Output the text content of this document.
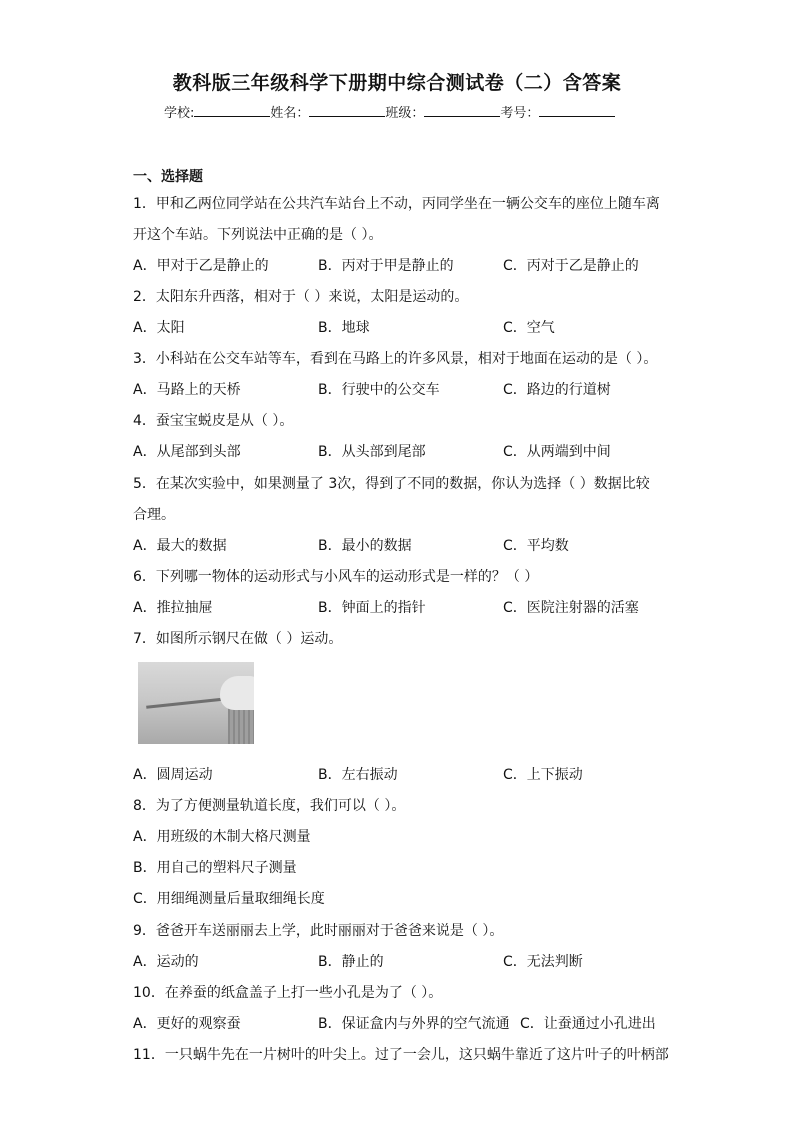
教科版三年级科学下册期中综合测试卷（二）含答案
学校:	姓名：	班级：	考号：
一、选择题
1．甲和乙两位同学站在公共汽车站台上不动，丙同学坐在一辆公交车的座位上随车离
开这个车站。下列说法中正确的是（ ）。
A．甲对于乙是静止的	B．丙对于甲是静止的	C．丙对于乙是静止的
2．太阳东升西落，相对于（ ）来说，太阳是运动的。
A．太阳	B．地球	C．空气
3．小科站在公交车站等车，看到在马路上的许多风景，相对于地面在运动的是（ ）。
A．马路上的天桥	B．行驶中的公交车	C．路边的行道树
4．蚕宝宝蜕皮是从（ ）。
A．从尾部到头部	B．从头部到尾部	C．从两端到中间
5．在某次实验中，如果测量了 3次，得到了不同的数据，你认为选择（ ）数据比较
合理。
A．最大的数据	B．最小的数据	C．平均数
6．下列哪一物体的运动形式与小风车的运动形式是一样的？（ ）
A．推拉抽屉	B．钟面上的指针	C．医院注射器的活塞
7．如图所示钢尺在做（ ）运动。
A．圆周运动	B．左右振动	C．上下振动
8．为了方便测量轨道长度，我们可以（ ）。
A．用班级的木制大格尺测量
B．用自己的塑料尺子测量
C．用细绳测量后量取细绳长度
9．爸爸开车送丽丽去上学，此时丽丽对于爸爸来说是（ ）。
A．运动的	B．静止的	C．无法判断
10．在养蚕的纸盒盖子上打一些小孔是为了（ ）。
A．更好的观察蚕	B．保证盒内与外界的空气流通 C．让蚕通过小孔进出
11．一只蜗牛先在一片树叶的叶尖上。过了一会儿，这只蜗牛靠近了这片叶子的叶柄部
